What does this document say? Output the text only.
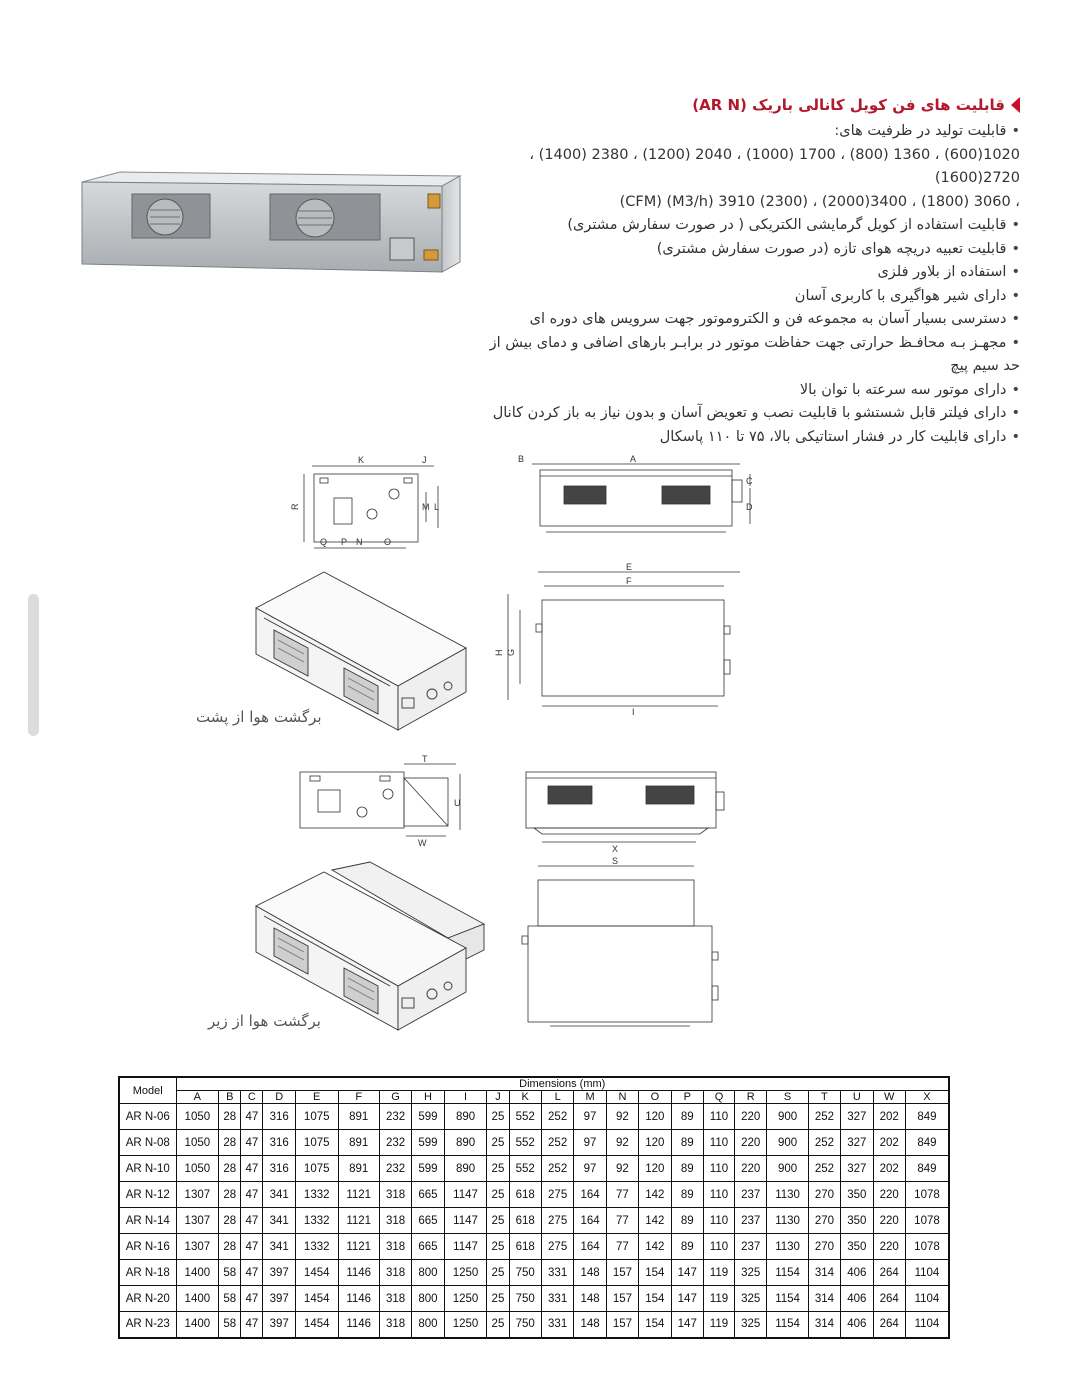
قابلیت های فن کویل کانالی باریک (AR N)
• قابلیت تولید در ظرفیت های:
1020(600) ، 1360 (800) ، 1700 (1000) ، 2040 (1200) ، 2380 (1400) ، 2720(1600)
، 3060 (1800) ، 3400(2000) ، (2300) 3910 (M3/h) (CFM)
• قابلیت استفاده از کویل گرمایشی الکتریکی ( در صورت سفارش مشتری)
• قابلیت تعبیه دریچه هوای تازه (در صورت سفارش مشتری)
• استفاده از بلاور فلزی
• دارای شیر هواگیری با کاربری آسان
• دسترسی بسیار آسان به مجموعه فن و الکتروموتور جهت سرویس های دوره ای
• مجهـز بـه محافـظ حرارتی جهت حفاظت موتور در برابـر بارهای اضافی و دمای بیش از حد سیم پیچ
• دارای موتور سه سرعته با توان بالا
• دارای فیلتر قابل شستشو با قابلیت نصب و تعویض آسان و بدون نیاز به باز کردن کانال
• دارای قابلیت کار در فشار استاتیکی بالا، ۷۵ تا ۱۱۰ پاسکال
K	J
R	M L
Q P N O
A
B
C
D
برگشت هوا از پشت
E
F
H G
I
T
U
W
X
برگشت هوا از زیر
S
Model	Dimensions (mm)																						
	A	B	C	D	E	F	G	H	I	J	K	L	M	N	O	P	Q	R	S	T	U	W	X
AR N-06	1050	28	47	316	1075	891	232	599	890	25	552	252	97	92	120	89	110	220	900	252	327	202	849
AR N-08	1050	28	47	316	1075	891	232	599	890	25	552	252	97	92	120	89	110	220	900	252	327	202	849
AR N-10	1050	28	47	316	1075	891	232	599	890	25	552	252	97	92	120	89	110	220	900	252	327	202	849
AR N-12	1307	28	47	341	1332	1121	318	665	1147	25	618	275	164	77	142	89	110	237	1130	270	350	220	1078
AR N-14	1307	28	47	341	1332	1121	318	665	1147	25	618	275	164	77	142	89	110	237	1130	270	350	220	1078
AR N-16	1307	28	47	341	1332	1121	318	665	1147	25	618	275	164	77	142	89	110	237	1130	270	350	220	1078
AR N-18	1400	58	47	397	1454	1146	318	800	1250	25	750	331	148	157	154	147	119	325	1154	314	406	264	1104
AR N-20	1400	58	47	397	1454	1146	318	800	1250	25	750	331	148	157	154	147	119	325	1154	314	406	264	1104
AR N-23	1400	58	47	397	1454	1146	318	800	1250	25	750	331	148	157	154	147	119	325	1154	314	406	264	1104
